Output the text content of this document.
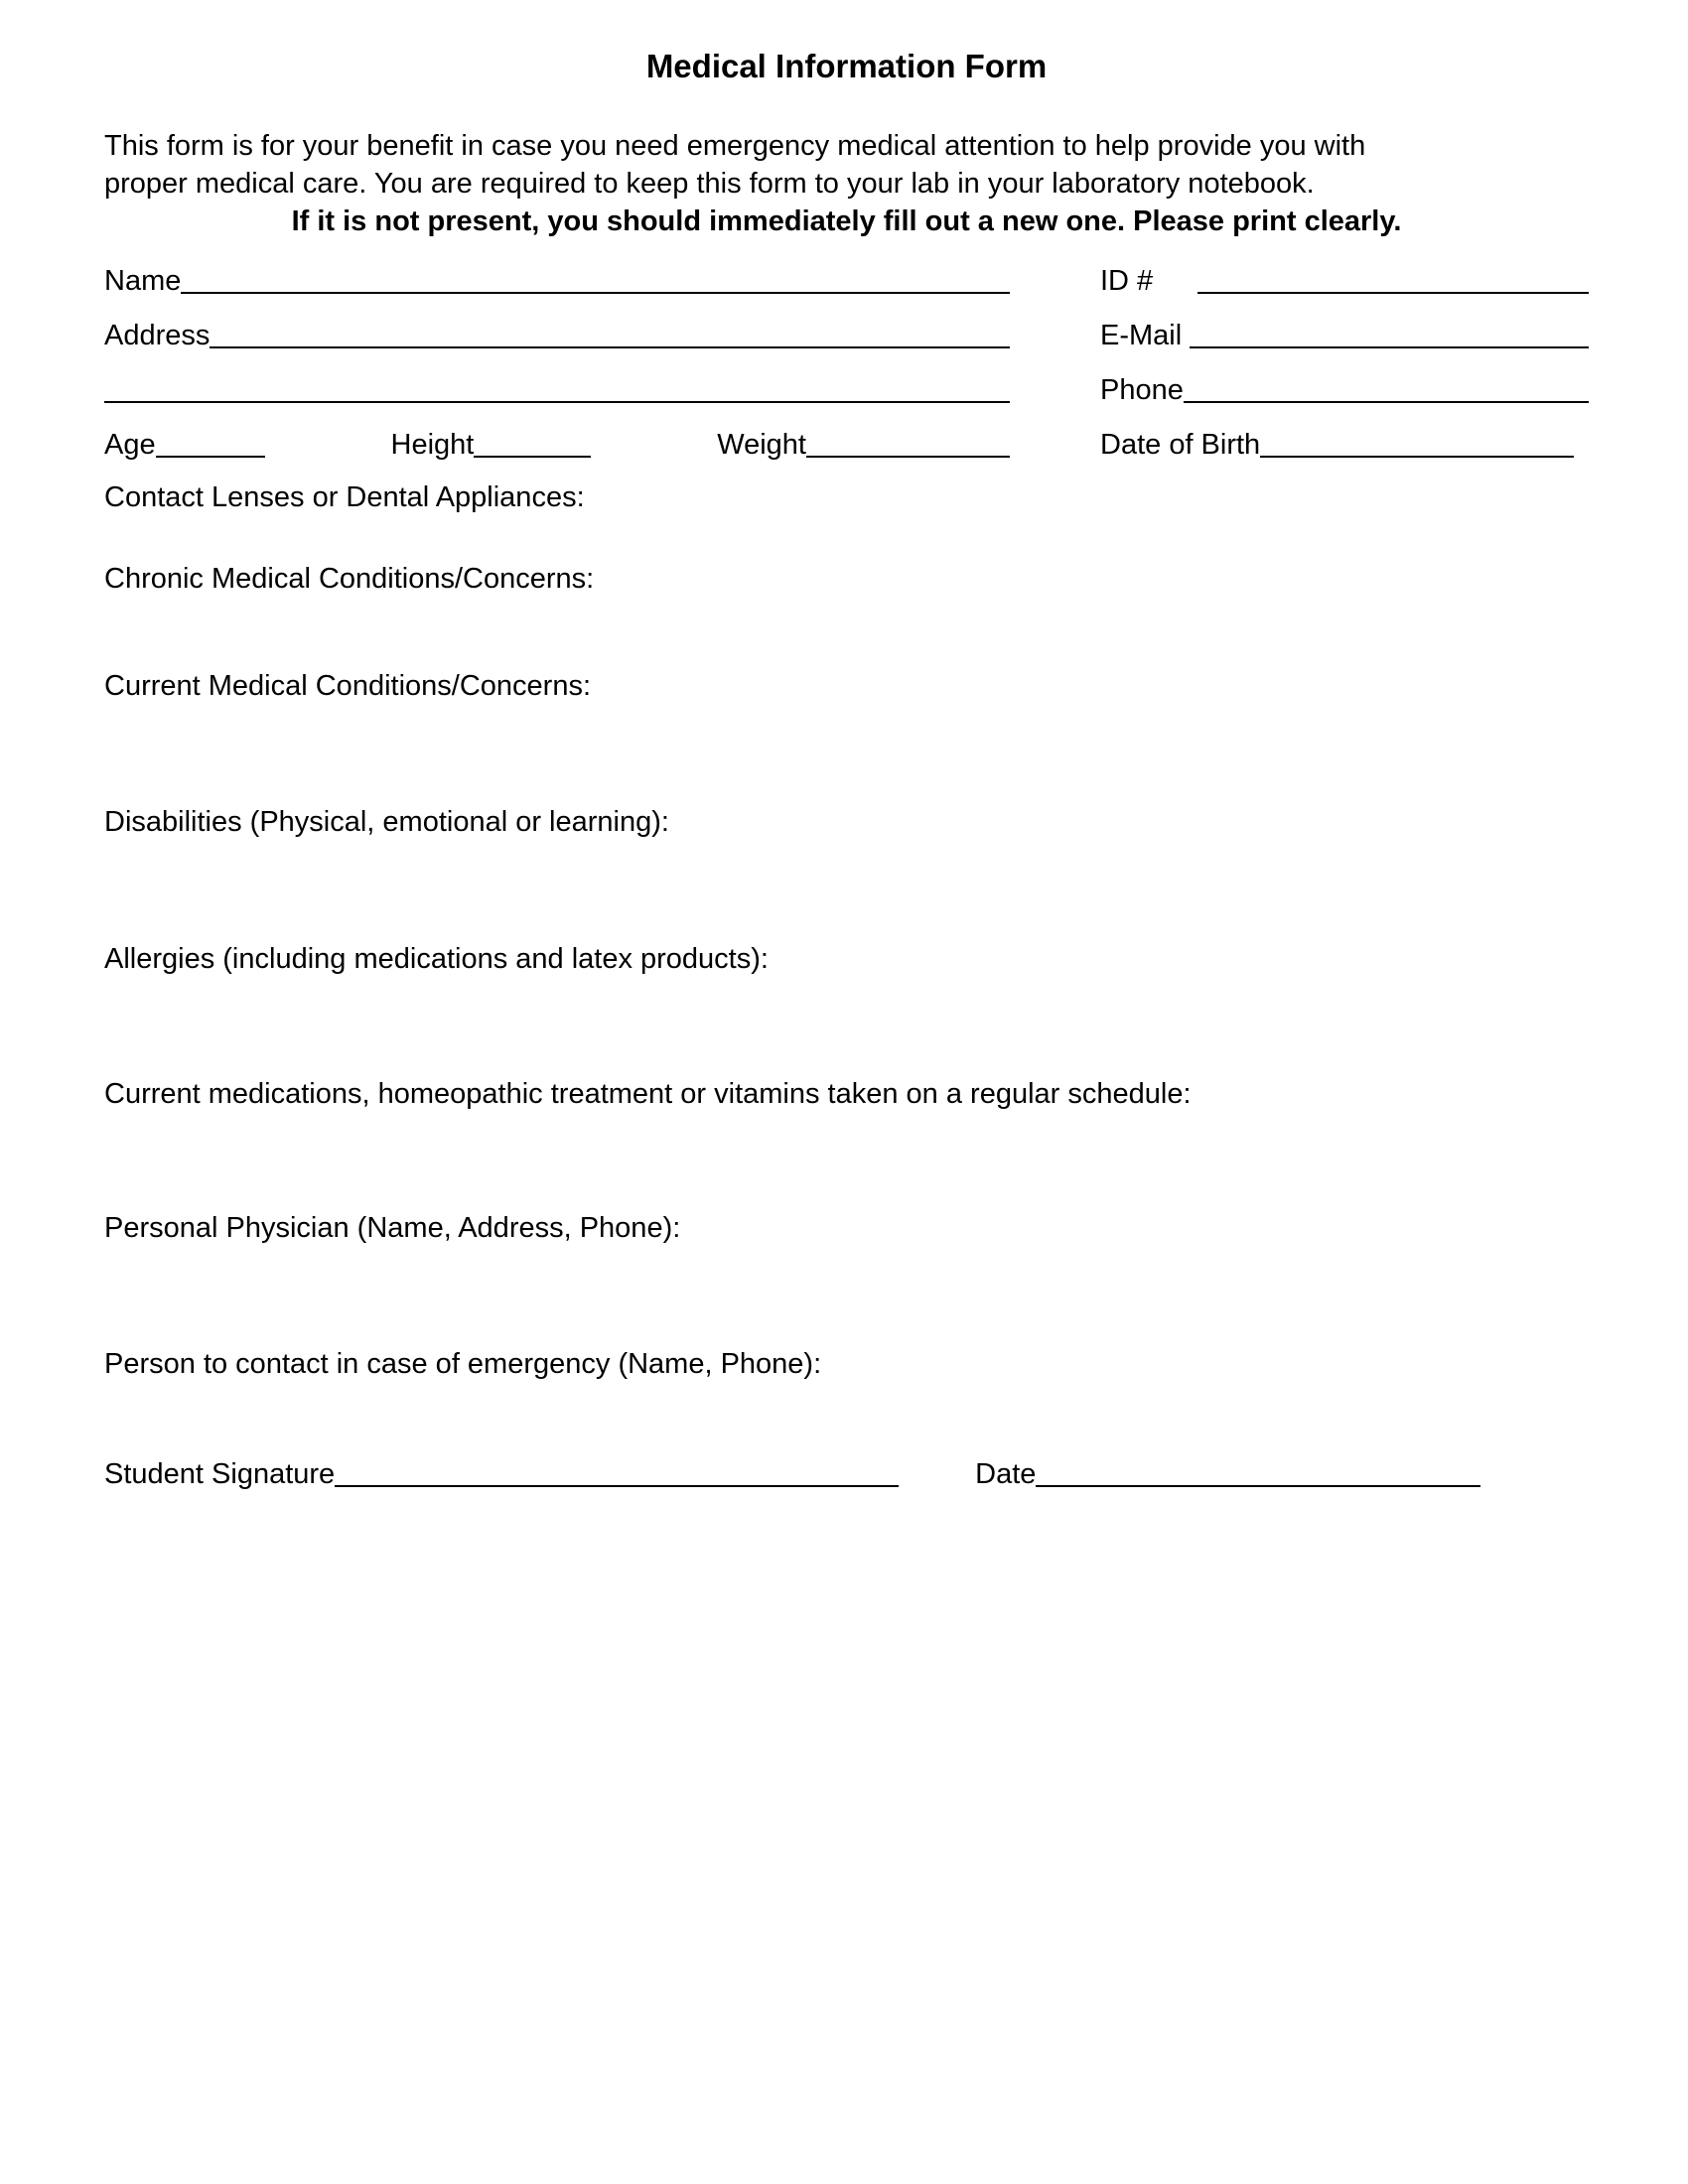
Medical Information Form
This form is for your benefit in case you need emergency medical attention to help provide you with
proper medical care. You are required to keep this form to your lab in your laboratory notebook.
If it is not present, you should immediately fill out a new one. Please print clearly.
Name	ID #
Address	E-Mail
Phone
Age	Height	Weight	Date of Birth
Contact Lenses or Dental Appliances:
Chronic Medical Conditions/Concerns:
Current Medical Conditions/Concerns:
Disabilities (Physical, emotional or learning):
Allergies (including medications and latex products):
Current medications, homeopathic treatment or vitamins taken on a regular schedule:
Personal Physician (Name, Address, Phone):
Person to contact in case of emergency (Name, Phone):
Student Signature	Date
